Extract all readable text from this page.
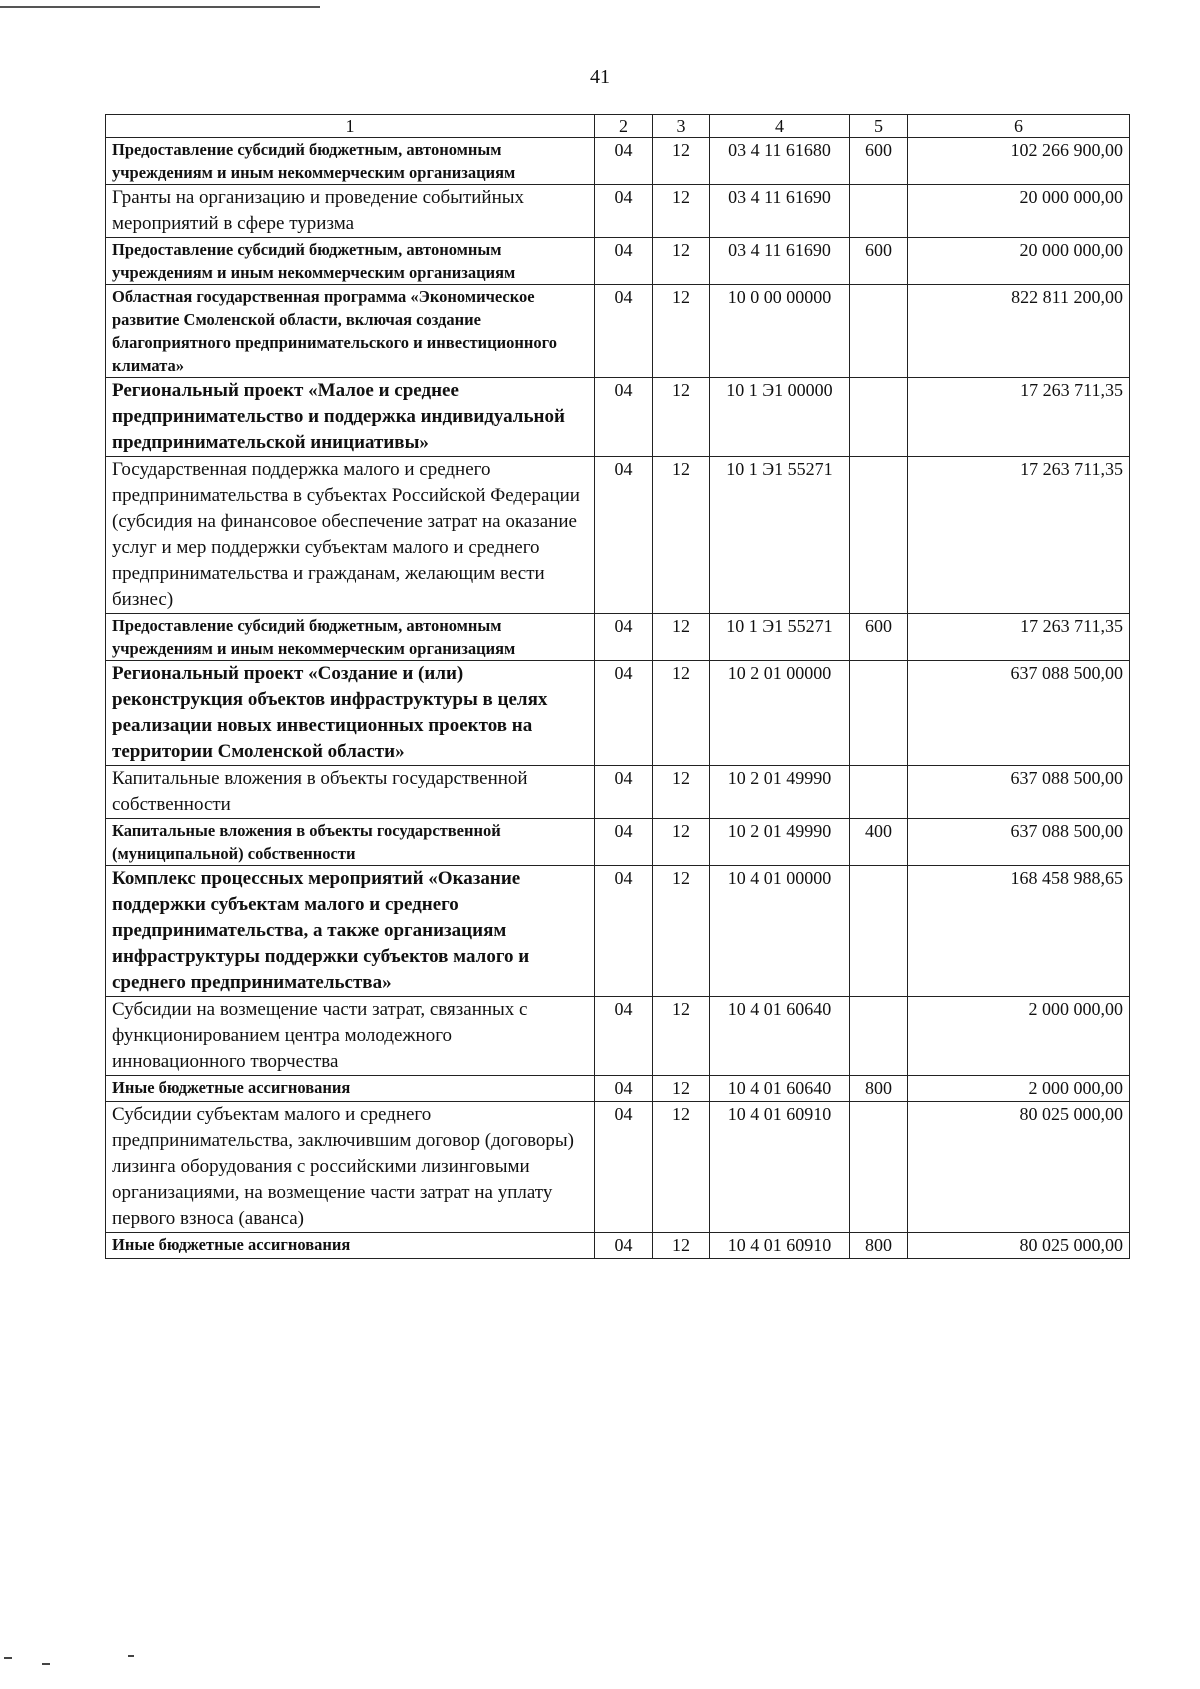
41
1	2	3	4	5	6
Предоставление субсидий бюджетным, автономным учреждениям и иным некоммерческим организациям	04	12	03 4 11 61680	600	102 266 900,00
Гранты на организацию и проведение событийных мероприятий в сфере туризма	04	12	03 4 11 61690		20 000 000,00
Предоставление субсидий бюджетным, автономным учреждениям и иным некоммерческим организациям	04	12	03 4 11 61690	600	20 000 000,00
Областная государственная программа «Экономическое развитие Смоленской области, включая создание благоприятного предпринимательского и инвестиционного климата»	04	12	10 0 00 00000		822 811 200,00
Региональный проект «Малое и среднее предпринимательство и поддержка индивидуальной предпринимательской инициативы»	04	12	10 1 Э1 00000		17 263 711,35
Государственная поддержка малого и среднего предпринимательства в субъектах Российской Федерации (субсидия на финансовое обеспечение затрат на оказание услуг и мер поддержки субъектам малого и среднего предпринимательства и гражданам, желающим вести бизнес)	04	12	10 1 Э1 55271		17 263 711,35
Предоставление субсидий бюджетным, автономным учреждениям и иным некоммерческим организациям	04	12	10 1 Э1 55271	600	17 263 711,35
Региональный проект «Создание и (или) реконструкция объектов инфраструктуры в целях реализации новых инвестиционных проектов на территории Смоленской области»	04	12	10 2 01 00000		637 088 500,00
Капитальные вложения в объекты государственной собственности	04	12	10 2 01 49990		637 088 500,00
Капитальные вложения в объекты государственной (муниципальной) собственности	04	12	10 2 01 49990	400	637 088 500,00
Комплекс процессных мероприятий «Оказание поддержки субъектам малого и среднего предпринимательства, а также организациям инфраструктуры поддержки субъектов малого и среднего предпринимательства»	04	12	10 4 01 00000		168 458 988,65
Субсидии на возмещение части затрат, связанных с функционированием центра молодежного инновационного творчества	04	12	10 4 01 60640		2 000 000,00
Иные бюджетные ассигнования	04	12	10 4 01 60640	800	2 000 000,00
Субсидии субъектам малого и среднего предпринимательства, заключившим договор (договоры) лизинга оборудования с российскими лизинговыми организациями, на возмещение части затрат на уплату первого взноса (аванса)	04	12	10 4 01 60910		80 025 000,00
Иные бюджетные ассигнования	04	12	10 4 01 60910	800	80 025 000,00
